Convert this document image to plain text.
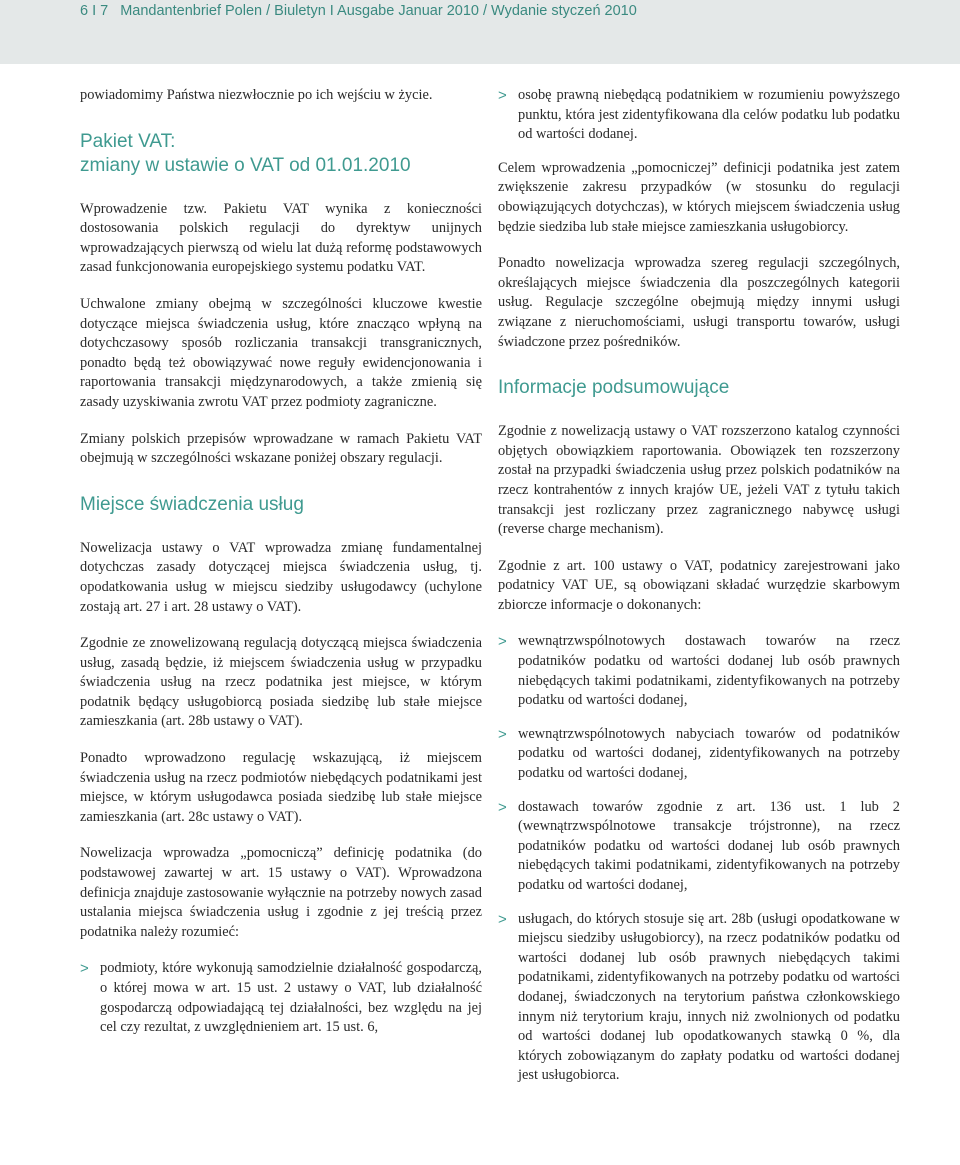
6 I 7 Mandantenbrief Polen / Biuletyn I Ausgabe Januar 2010 / Wydanie styczeń 2010

powiadomimy Państwa niezwłocznie po ich wejściu w życie.

Pakiet VAT:
zmiany w ustawie o VAT od 01.01.2010

Wprowadzenie tzw. Pakietu VAT wynika z konieczności dostosowania polskich regulacji do dyrektyw unijnych wprowadzających pierwszą od wielu lat dużą reformę podstawowych zasad funkcjonowania europejskiego systemu podatku VAT.

Uchwalone zmiany obejmą w szczególności kluczowe kwestie dotyczące miejsca świadczenia usług, które znacząco wpłyną na dotychczasowy sposób rozliczania transakcji transgranicznych, ponadto będą też obowiązywać nowe reguły ewidencjonowania i raportowania transakcji międzynarodowych, a także zmienią się zasady uzyskiwania zwrotu VAT przez podmioty zagraniczne.

Zmiany polskich przepisów wprowadzane w ramach Pakietu VAT obejmują w szczególności wskazane poniżej obszary regulacji.

Miejsce świadczenia usług

Nowelizacja ustawy o VAT wprowadza zmianę fundamentalnej dotychczas zasady dotyczącej miejsca świadczenia usług, tj. opodatkowania usług w miejscu siedziby usługodawcy (uchylone zostają art. 27 i art. 28 ustawy o VAT).

Zgodnie ze znowelizowaną regulacją dotyczącą miejsca świadczenia usług, zasadą będzie, iż miejscem świadczenia usług w przypadku świadczenia usług na rzecz podatnika jest miejsce, w którym podatnik będący usługobiorcą posiada siedzibę lub stałe miejsce zamieszkania (art. 28b ustawy o VAT).

Ponadto wprowadzono regulację wskazującą, iż miejscem świadczenia usług na rzecz podmiotów niebędących podatnikami jest miejsce, w którym usługodawca posiada siedzibę lub stałe miejsce zamieszkania (art. 28c ustawy o VAT).

Nowelizacja wprowadza „pomocniczą” definicję podatnika (do podstawowej zawartej w art. 15 ustawy o VAT). Wprowadzona definicja znajduje zastosowanie wyłącznie na potrzeby nowych zasad ustalania miejsca świadczenia usług i zgodnie z jej treścią przez podatnika należy rozumieć:

> podmioty, które wykonują samodzielnie działalność gospodarczą, o której mowa w art. 15 ust. 2 ustawy o VAT, lub działalność gospodarczą odpowiadającą tej działalności, bez względu na jej cel czy rezultat, z uwzględnieniem art. 15 ust. 6,
> osobę prawną niebędącą podatnikiem w rozumieniu powyższego punktu, która jest zidentyfikowana dla celów podatku lub podatku od wartości dodanej.

Celem wprowadzenia „pomocniczej” definicji podatnika jest zatem zwiększenie zakresu przypadków (w stosunku do regulacji obowiązujących dotychczas), w których miejscem świadczenia usług będzie siedziba lub stałe miejsce zamieszkania usługobiorcy.

Ponadto nowelizacja wprowadza szereg regulacji szczególnych, określających miejsce świadczenia dla poszczególnych kategorii usług. Regulacje szczególne obejmują między innymi usługi związane z nieruchomościami, usługi transportu towarów, usługi świadczone przez pośredników.

Informacje podsumowujące

Zgodnie z nowelizacją ustawy o VAT rozszerzono katalog czynności objętych obowiązkiem raportowania. Obowiązek ten rozszerzony został na przypadki świadczenia usług przez polskich podatników na rzecz kontrahentów z innych krajów UE, jeżeli VAT z tytułu takich transakcji jest rozliczany przez zagranicznego nabywcę usługi (reverse charge mechanism).

Zgodnie z art. 100 ustawy o VAT, podatnicy zarejestrowani jako podatnicy VAT UE, są obowiązani składać wurzędzie skarbowym zbiorcze informacje o dokonanych:

> wewnątrzwspólnotowych dostawach towarów na rzecz podatników podatku od wartości dodanej lub osób prawnych niebędących takimi podatnikami, zidentyfikowanych na potrzeby podatku od wartości dodanej,
> wewnątrzwspólnotowych nabyciach towarów od podatników podatku od wartości dodanej, zidentyfikowanych na potrzeby podatku od wartości dodanej,
> dostawach towarów zgodnie z art. 136 ust. 1 lub 2 (wewnątrzwspólnotowe transakcje trójstronne), na rzecz podatników podatku od wartości dodanej lub osób prawnych niebędących takimi podatnikami, zidentyfikowanych na potrzeby podatku od wartości dodanej,
> usługach, do których stosuje się art. 28b (usługi opodatkowane w miejscu siedziby usługobiorcy), na rzecz podatników podatku od wartości dodanej lub osób prawnych niebędących takimi podatnikami, zidentyfikowanych na potrzeby podatku od wartości dodanej, świadczonych na terytorium państwa członkowskiego innym niż terytorium kraju, innych niż zwolnionych od podatku od wartości dodanej lub opodatkowanych stawką 0 %, dla których zobowiązanym do zapłaty podatku od wartości dodanej jest usługobiorca.
